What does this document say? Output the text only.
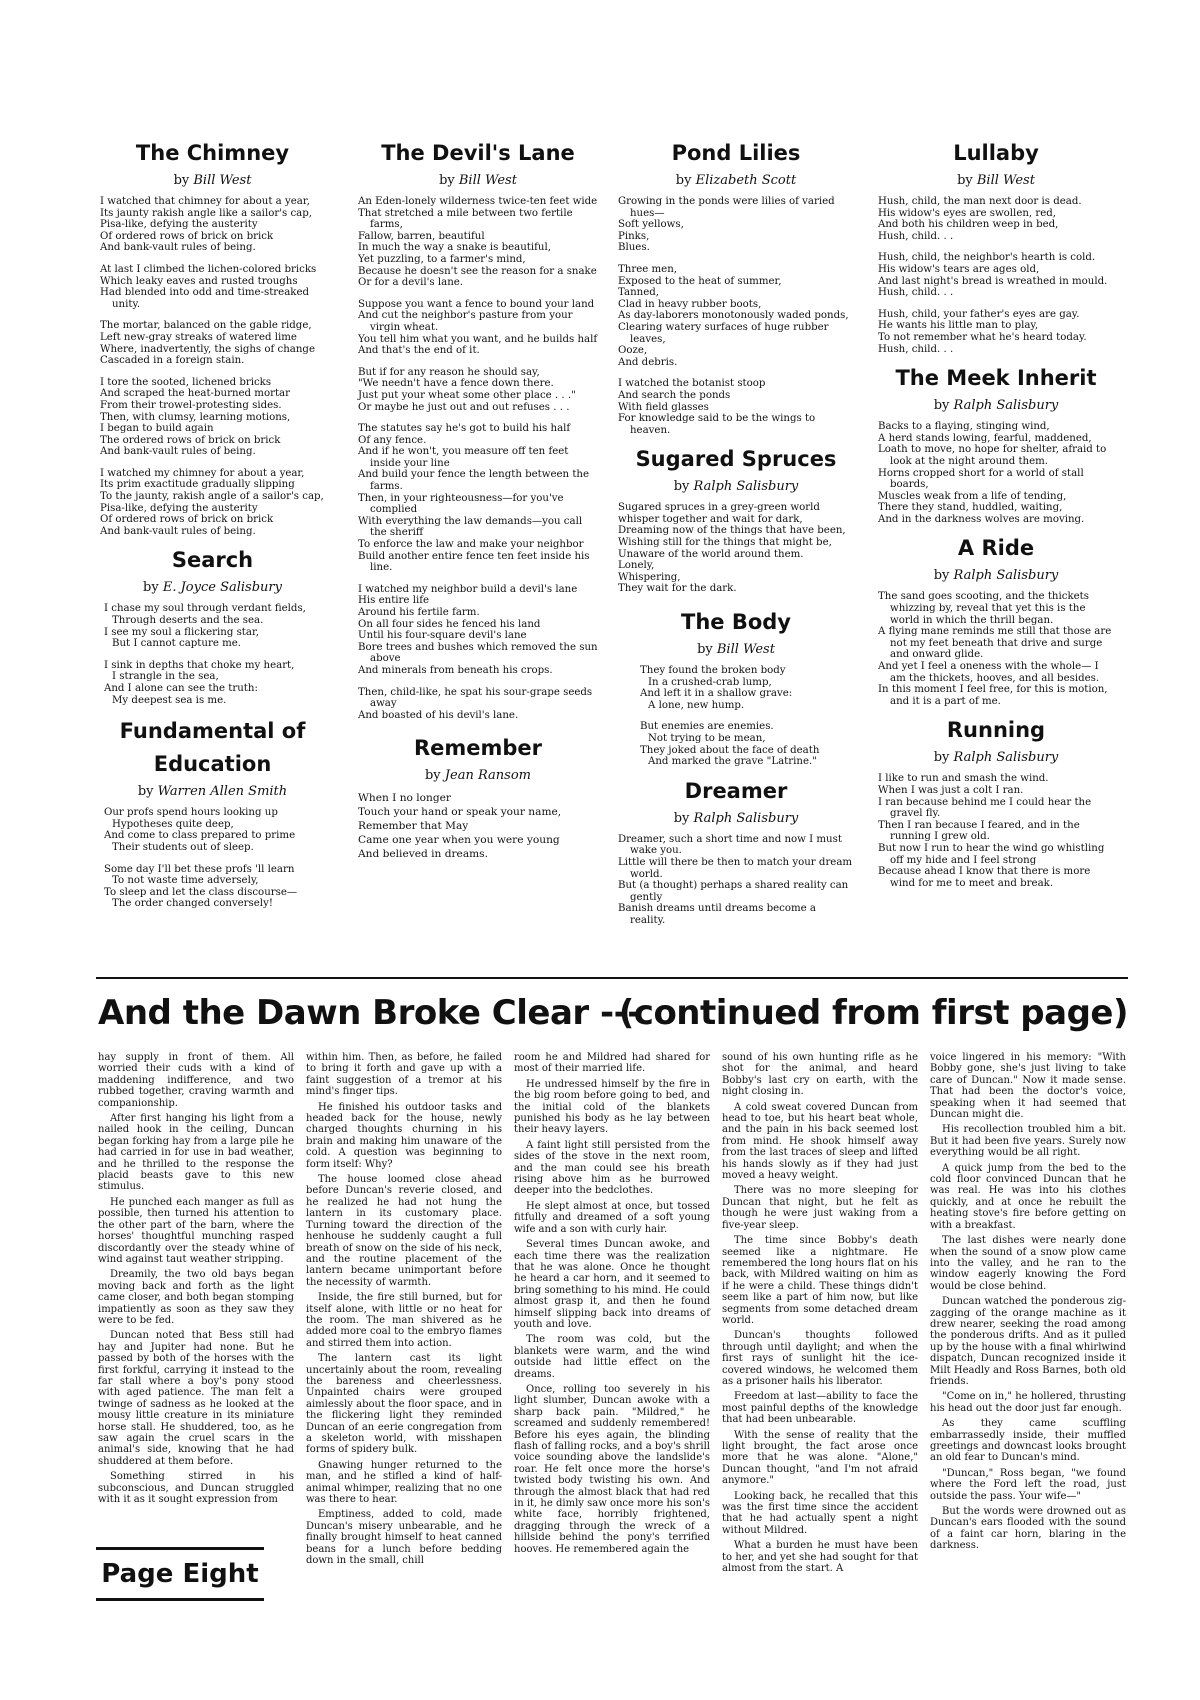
The Chimney
by Bill West
I watched that chimney for about a year,
Its jaunty rakish angle like a sailor's cap,
Pisa-like, defying the austerity
Of ordered rows of brick on brick
And bank-vault rules of being.
At last I climbed the lichen-colored bricks
Which leaky eaves and rusted troughs
Had blended into odd and time-streaked unity.
The mortar, balanced on the gable ridge,
Left new-gray streaks of watered lime
Where, inadvertently, the sighs of change
Cascaded in a foreign stain.
I tore the sooted, lichened bricks
And scraped the heat-burned mortar
From their trowel-protesting sides.
Then, with clumsy, learning motions,
I began to build again
The ordered rows of brick on brick
And bank-vault rules of being.
I watched my chimney for about a year,
Its prim exactitude gradually slipping
To the jaunty, rakish angle of a sailor's cap,
Pisa-like, defying the austerity
Of ordered rows of brick on brick
And bank-vault rules of being.
Search
by E. Joyce Salisbury
I chase my soul through verdant fields,
Through deserts and the sea.
I see my soul a flickering star,
But I cannot capture me.
I sink in depths that choke my heart,
I strangle in the sea,
And I alone can see the truth:
My deepest sea is me.
Fundamental of
Education
by Warren Allen Smith
Our profs spend hours looking up
Hypotheses quite deep,
And come to class prepared to prime
Their students out of sleep.
Some day I'll bet these profs 'll learn
To not waste time adversely,
To sleep and let the class discourse—
The order changed conversely!
The Devil's Lane
by Bill West
An Eden-lonely wilderness twice-ten feet wide
That stretched a mile between two fertile farms,
Fallow, barren, beautiful
In much the way a snake is beautiful,
Yet puzzling, to a farmer's mind,
Because he doesn't see the reason for a snake
Or for a devil's lane.
Suppose you want a fence to bound your land
And cut the neighbor's pasture from your virgin wheat.
You tell him what you want, and he builds half
And that's the end of it.
But if for any reason he should say,
"We needn't have a fence down there.
Just put your wheat some other place . . ."
Or maybe he just out and out refuses . . .
The statutes say he's got to build his half
Of any fence.
And if he won't, you measure off ten feet inside your line
And build your fence the length between the farms.
Then, in your righteousness—for you've complied
With everything the law demands—you call the sheriff
To enforce the law and make your neighbor
Build another entire fence ten feet inside his line.
I watched my neighbor build a devil's lane
His entire life
Around his fertile farm.
On all four sides he fenced his land
Until his four-square devil's lane
Bore trees and bushes which removed the sun above
And minerals from beneath his crops.
Then, child-like, he spat his sour-grape seeds away
And boasted of his devil's lane.
Remember
by Jean Ransom
When I no longer
Touch your hand or speak your name,
Remember that May
Came one year when you were young
And believed in dreams.
Pond Lilies
by Elizabeth Scott
Growing in the ponds were lilies of varied hues—
Soft yellows,
Pinks,
Blues.
Three men,
Exposed to the heat of summer,
Tanned,
Clad in heavy rubber boots,
As day-laborers monotonously waded ponds,
Clearing watery surfaces of huge rubber leaves,
Ooze,
And debris.
I watched the botanist stoop
And search the ponds
With field glasses
For knowledge said to be the wings to heaven.
Sugared Spruces
by Ralph Salisbury
Sugared spruces in a grey-green world
whisper together and wait for dark,
Dreaming now of the things that have been,
Wishing still for the things that might be,
Unaware of the world around them.
Lonely,
Whispering,
They wait for the dark.
The Body
by Bill West
They found the broken body
In a crushed-crab lump,
And left it in a shallow grave:
A lone, new hump.
But enemies are enemies.
Not trying to be mean,
They joked about the face of death
And marked the grave "Latrine."
Dreamer
by Ralph Salisbury
Dreamer, such a short time and now I must wake you.
Little will there be then to match your dream world.
But (a thought) perhaps a shared reality can gently
Banish dreams until dreams become a reality.
Lullaby
by Bill West
Hush, child, the man next door is dead.
His widow's eyes are swollen, red,
And both his children weep in bed,
Hush, child. . .
Hush, child, the neighbor's hearth is cold.
His widow's tears are ages old,
And last night's bread is wreathed in mould.
Hush, child. . .
Hush, child, your father's eyes are gay.
He wants his little man to play,
To not remember what he's heard today.
Hush, child. . .
The Meek Inherit
by Ralph Salisbury
Backs to a flaying, stinging wind,
A herd stands lowing, fearful, maddened,
Loath to move, no hope for shelter, afraid to look at the night around them.
Horns cropped short for a world of stall boards,
Muscles weak from a life of tending,
There they stand, huddled, waiting,
And in the darkness wolves are moving.
A Ride
by Ralph Salisbury
The sand goes scooting, and the thickets whizzing by, reveal that yet this is the world in which the thrill began.
A flying mane reminds me still that those are not my feet beneath that drive and surge and onward glide.
And yet I feel a oneness with the whole— I am the thickets, hooves, and all besides.
In this moment I feel free, for this is motion, and it is a part of me.
Running
by Ralph Salisbury
I like to run and smash the wind.
When I was just a colt I ran.
I ran because behind me I could hear the gravel fly.
Then I ran because I feared, and in the running I grew old.
But now I run to hear the wind go whistling off my hide and I feel strong
Because ahead I know that there is more wind for me to meet and break.
And the Dawn Broke Clear ---
(continued from first page)

hay supply in front of them. All worried their cuds with a kind of maddening indifference, and two rubbed together, craving warmth and companionship.

After first hanging his light from a nailed hook in the ceiling, Duncan began forking hay from a large pile he had carried in for use in bad weather, and he thrilled to the response the placid beasts gave to this new stimulus.

He punched each manger as full as possible, then turned his attention to the other part of the barn, where the horses' thoughtful munching rasped discordantly over the steady whine of wind against taut weather stripping.

Dreamily, the two old bays began moving back and forth as the light came closer, and both began stomping impatiently as soon as they saw they were to be fed.

Duncan noted that Bess still had hay and Jupiter had none. But he passed by both of the horses with the first forkful, carrying it instead to the far stall where a boy's pony stood with aged patience. The man felt a twinge of sadness as he looked at the mousy little creature in its miniature horse stall. He shuddered, too, as he saw again the cruel scars in the animal's side, knowing that he had shuddered at them before.

Something stirred in his subconscious, and Duncan struggled with it as it sought expression from

within him. Then, as before, he failed to bring it forth and gave up with a faint suggestion of a tremor at his mind's finger tips.

He finished his outdoor tasks and headed back for the house, newly charged thoughts churning in his brain and making him unaware of the cold. A question was beginning to form itself: Why?

The house loomed close ahead before Duncan's reverie closed, and he realized he had not hung the lantern in its customary place. Turning toward the direction of the henhouse he suddenly caught a full breath of snow on the side of his neck, and the routine placement of the lantern became unimportant before the necessity of warmth.

Inside, the fire still burned, but for itself alone, with little or no heat for the room. The man shivered as he added more coal to the embryo flames and stirred them into action.

The lantern cast its light uncertainly about the room, revealing the bareness and cheerlessness. Unpainted chairs were grouped aimlessly about the floor space, and in the flickering light they reminded Duncan of an eerie congregation from a skeleton world, with misshapen forms of spidery bulk.

Gnawing hunger returned to the man, and he stifled a kind of half-animal whimper, realizing that no one was there to hear.

Emptiness, added to cold, made Duncan's misery unbearable, and he finally brought himself to heat canned beans for a lunch before bedding down in the small, chill

room he and Mildred had shared for most of their married life.

He undressed himself by the fire in the big room before going to bed, and the initial cold of the blankets punished his body as he lay between their heavy layers.

A faint light still persisted from the sides of the stove in the next room, and the man could see his breath rising above him as he burrowed deeper into the bedclothes.

He slept almost at once, but tossed fitfully and dreamed of a soft young wife and a son with curly hair.

Several times Duncan awoke, and each time there was the realization that he was alone. Once he thought he heard a car horn, and it seemed to bring something to his mind. He could almost grasp it, and then he found himself slipping back into dreams of youth and love.

The room was cold, but the blankets were warm, and the wind outside had little effect on the dreams.

Once, rolling too severely in his light slumber, Duncan awoke with a sharp back pain. "Mildred," he screamed and suddenly remembered! Before his eyes again, the blinding flash of falling rocks, and a boy's shrill voice sounding above the landslide's roar. He felt once more the horse's twisted body twisting his own. And through the almost black that had red in it, he dimly saw once more his son's white face, horribly frightened, dragging through the wreck of a hillside behind the pony's terrified hooves. He remembered again the

sound of his own hunting rifle as he shot for the animal, and heard Bobby's last cry on earth, with the night closing in.

A cold sweat covered Duncan from head to toe, but his heart beat whole, and the pain in his back seemed lost from mind. He shook himself away from the last traces of sleep and lifted his hands slowly as if they had just moved a heavy weight.

There was no more sleeping for Duncan that night, but he felt as though he were just waking from a five-year sleep.

The time since Bobby's death seemed like a nightmare. He remembered the long hours flat on his back, with Mildred waiting on him as if he were a child. These things didn't seem like a part of him now, but like segments from some detached dream world.

Duncan's thoughts followed through until daylight; and when the first rays of sunlight hit the ice-covered windows, he welcomed them as a prisoner hails his liberator.

Freedom at last—ability to face the most painful depths of the knowledge that had been unbearable.

With the sense of reality that the light brought, the fact arose once more that he was alone. "Alone," Duncan thought, "and I'm not afraid anymore."

Looking back, he recalled that this was the first time since the accident that he had actually spent a night without Mildred.

What a burden he must have been to her, and yet she had sought for that almost from the start. A

voice lingered in his memory: "With Bobby gone, she's just living to take care of Duncan." Now it made sense. That had been the doctor's voice, speaking when it had seemed that Duncan might die.

His recollection troubled him a bit. But it had been five years. Surely now everything would be all right.

A quick jump from the bed to the cold floor convinced Duncan that he was real. He was into his clothes quickly, and at once he rebuilt the heating stove's fire before getting on with a breakfast.

The last dishes were nearly done when the sound of a snow plow came into the valley, and he ran to the window eagerly knowing the Ford would be close behind.

Duncan watched the ponderous zig-zagging of the orange machine as it drew nearer, seeking the road among the ponderous drifts. And as it pulled up by the house with a final whirlwind dispatch, Duncan recognized inside it Milt Headly and Ross Barnes, both old friends.

"Come on in," he hollered, thrusting his head out the door just far enough.

As they came scuffling embarrassedly inside, their muffled greetings and downcast looks brought an old fear to Duncan's mind.

"Duncan," Ross began, "we found where the Ford left the road, just outside the pass. Your wife—"

But the words were drowned out as Duncan's ears flooded with the sound of a faint car horn, blaring in the darkness.

Page Eight
